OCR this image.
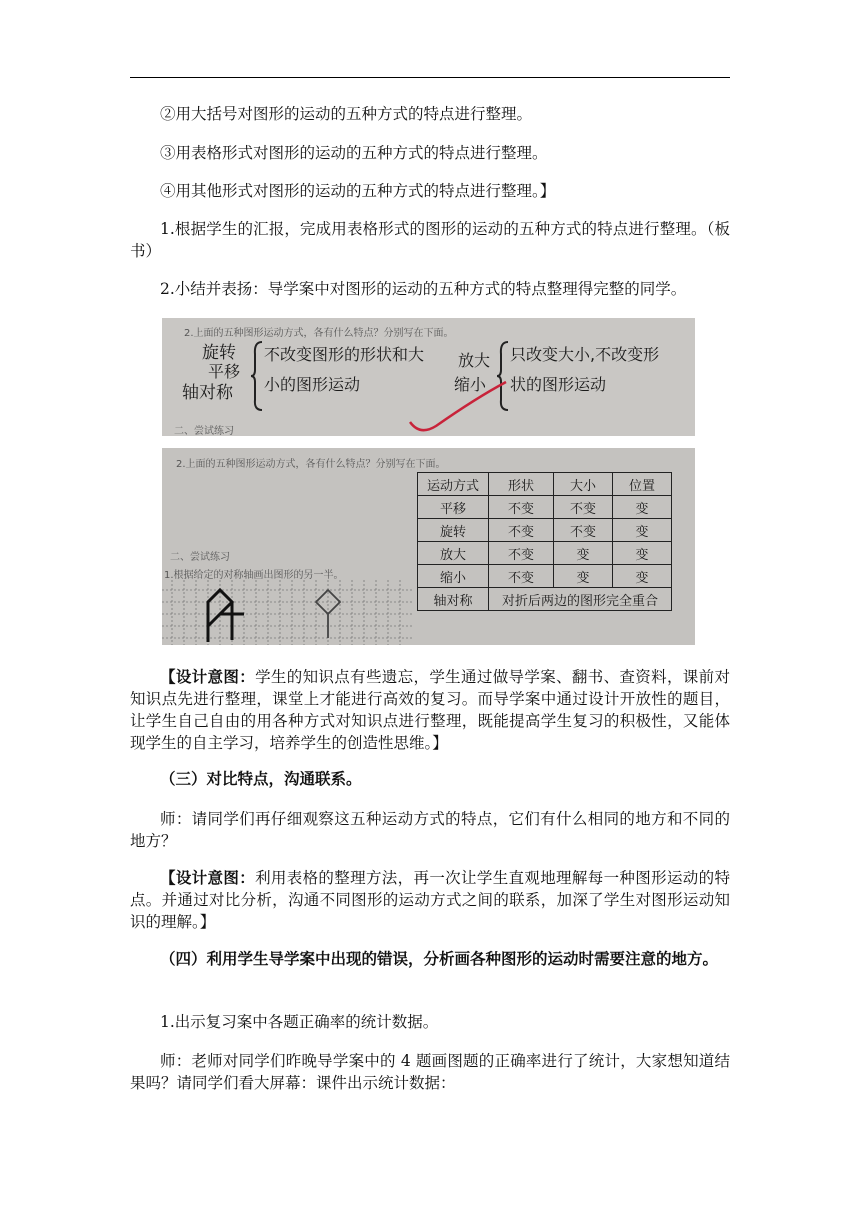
②用大括号对图形的运动的五种方式的特点进行整理。

③用表格形式对图形的运动的五种方式的特点进行整理。

④用其他形式对图形的运动的五种方式的特点进行整理。】

1.根据学生的汇报，完成用表格形式的图形的运动的五种方式的特点进行整理。（板书）

2.小结并表扬：导学案中对图形的运动的五种方式的特点整理得完整的同学。

2.上面的五种图形运动方式，各有什么特点？分别写在下面。
旋转
平移
轴对称
不改变图形的形状和大小的图形运动
放大
缩小
只改变大小,不改变形状的图形运动
二、尝试练习
2.上面的五种图形运动方式，各有什么特点？分别写在下面。
运动方式	形状	大小	位置
平移	不变	不变	变
旋转	不变	不变	变
放大	不变	变	变
缩小	不变	变	变
轴对称	对折后两边的图形完全重合		
二、尝试练习
1.根据给定的对称轴画出图形的另一半。

【设计意图：学生的知识点有些遗忘，学生通过做导学案、翻书、查资料，课前对知识点先进行整理，课堂上才能进行高效的复习。而导学案中通过设计开放性的题目，让学生自己自由的用各种方式对知识点进行整理，既能提高学生复习的积极性，又能体现学生的自主学习，培养学生的创造性思维。】

（三）对比特点，沟通联系。

师：请同学们再仔细观察这五种运动方式的特点，它们有什么相同的地方和不同的地方？

【设计意图：利用表格的整理方法，再一次让学生直观地理解每一种图形运动的特点。并通过对比分析，沟通不同图形的运动方式之间的联系，加深了学生对图形运动知识的理解。】

（四）利用学生导学案中出现的错误，分析画各种图形的运动时需要注意的地方。

1.出示复习案中各题正确率的统计数据。

师：老师对同学们昨晚导学案中的 4 题画图题的正确率进行了统计，大家想知道结果吗？请同学们看大屏幕：课件出示统计数据：
